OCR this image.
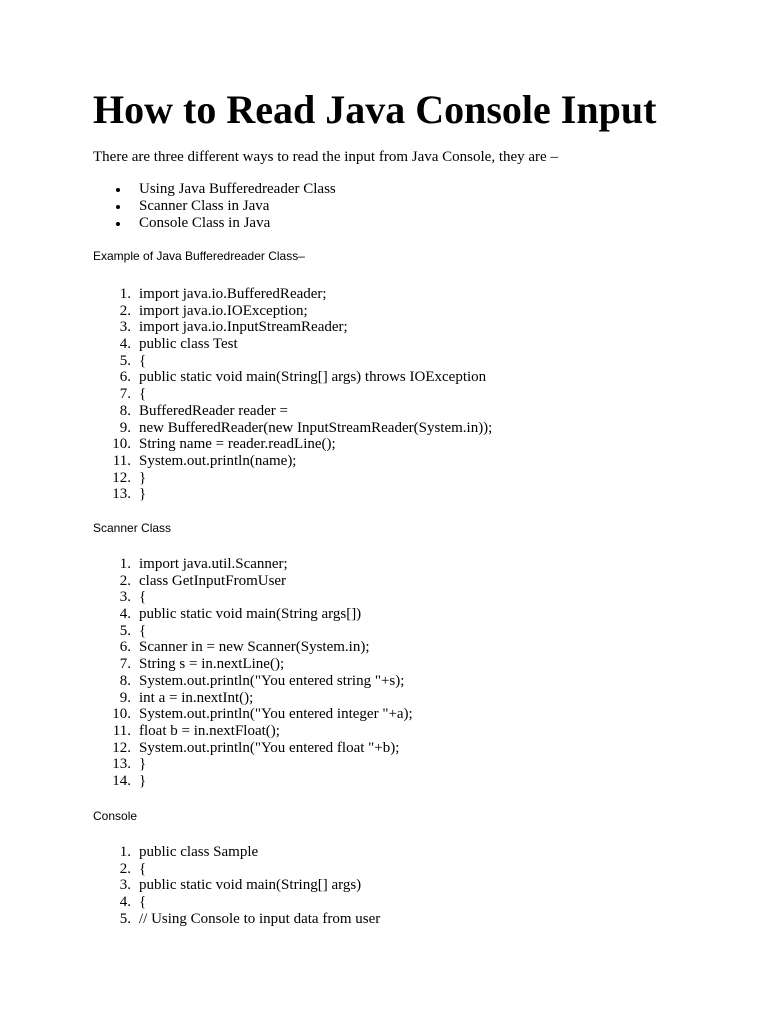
How to Read Java Console Input

There are three different ways to read the input from Java Console, they are –

Using Java Bufferedreader Class
Scanner Class in Java
Console Class in Java

Example of Java Bufferedreader Class–

1. import java.io.BufferedReader;
2. import java.io.IOException;
3. import java.io.InputStreamReader;
4. public class Test
5. {
6. public static void main(String[] args) throws IOException
7. {
8. BufferedReader reader =
9. new BufferedReader(new InputStreamReader(System.in));
10. String name = reader.readLine();
11. System.out.println(name);
12. }
13. }

Scanner Class

1. import java.util.Scanner;
2. class GetInputFromUser
3. {
4. public static void main(String args[])
5. {
6. Scanner in = new Scanner(System.in);
7. String s = in.nextLine();
8. System.out.println("You entered string "+s);
9. int a = in.nextInt();
10. System.out.println("You entered integer "+a);
11. float b = in.nextFloat();
12. System.out.println("You entered float "+b);
13. }
14. }

Console

1. public class Sample
2. {
3. public static void main(String[] args)
4. {
5. // Using Console to input data from user
